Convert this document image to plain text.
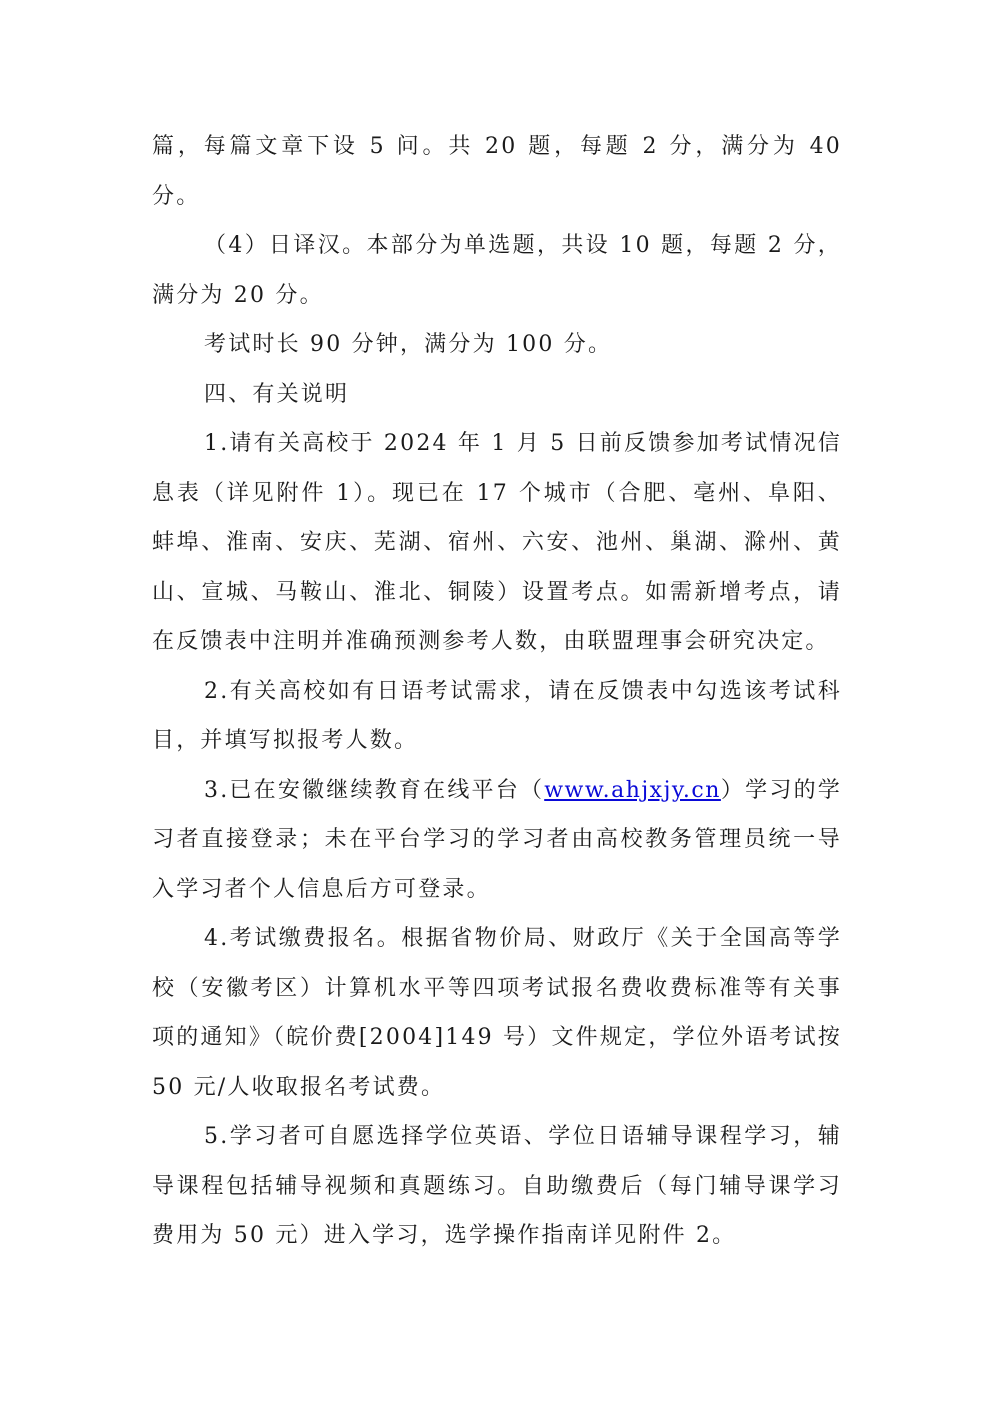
篇，每篇文章下设 5 问。共 20 题，每题 2 分，满分为 40 分。

（4）日译汉。本部分为单选题，共设 10 题，每题 2 分，满分为 20 分。

考试时长 90 分钟，满分为 100 分。

四、有关说明

1.请有关高校于 2024 年 1 月 5 日前反馈参加考试情况信息表（详见附件 1）。现已在 17 个城市（合肥、亳州、阜阳、蚌埠、淮南、安庆、芜湖、宿州、六安、池州、巢湖、滁州、黄山、宣城、马鞍山、淮北、铜陵）设置考点。如需新增考点，请在反馈表中注明并准确预测参考人数，由联盟理事会研究决定。

2.有关高校如有日语考试需求，请在反馈表中勾选该考试科目，并填写拟报考人数。

3.已在安徽继续教育在线平台（www.ahjxjy.cn）学习的学习者直接登录；未在平台学习的学习者由高校教务管理员统一导入学习者个人信息后方可登录。

4.考试缴费报名。根据省物价局、财政厅《关于全国高等学校（安徽考区）计算机水平等四项考试报名费收费标准等有关事项的通知》（皖价费[2004]149 号）文件规定，学位外语考试按 50 元/人收取报名考试费。

5.学习者可自愿选择学位英语、学位日语辅导课程学习，辅导课程包括辅导视频和真题练习。自助缴费后（每门辅导课学习费用为 50 元）进入学习，选学操作指南详见附件 2。
